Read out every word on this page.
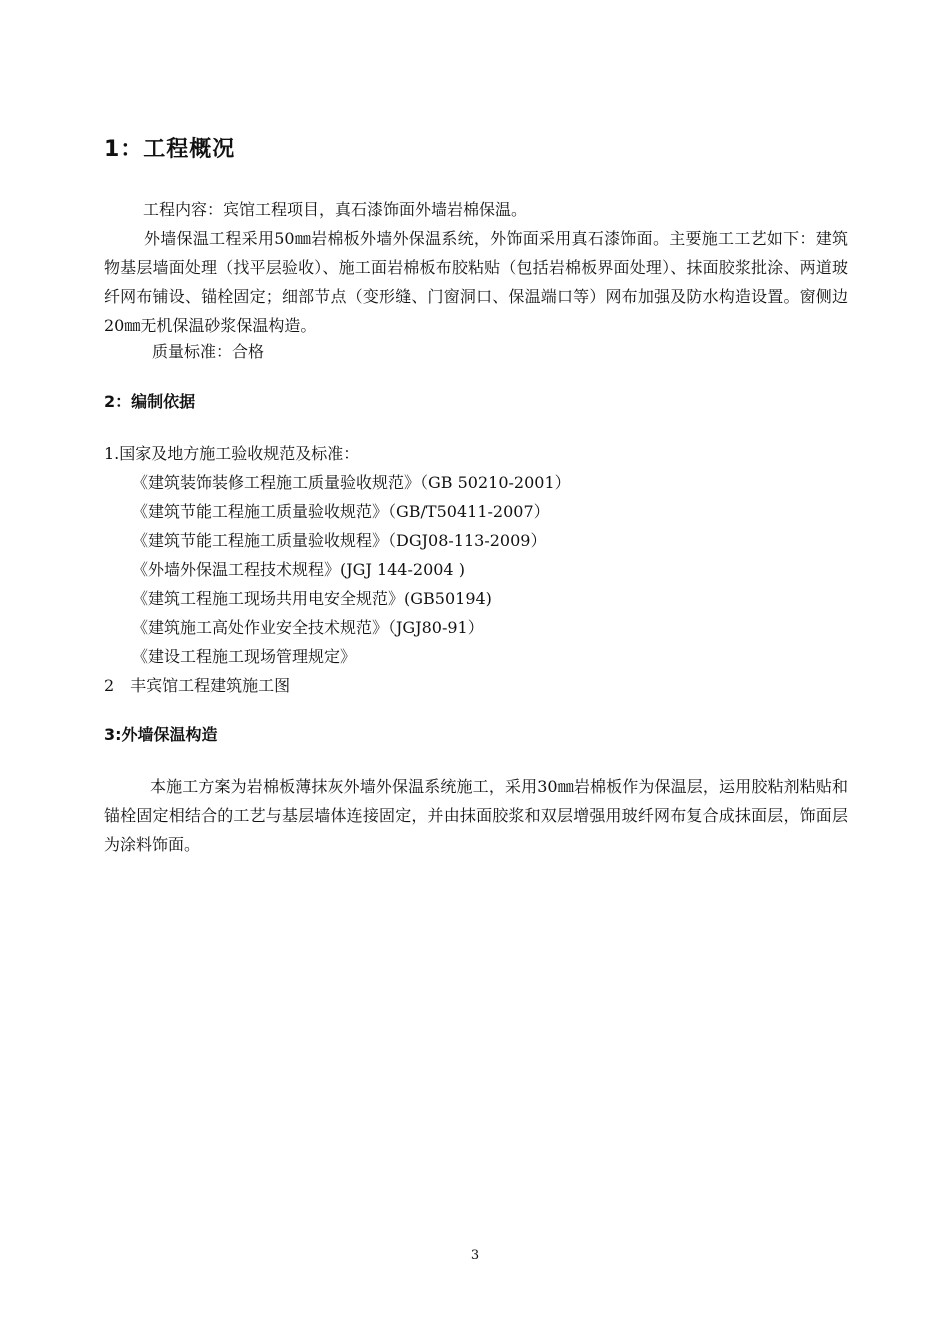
1：工程概况

工程内容：宾馆工程项目，真石漆饰面外墙岩棉保温。

外墙保温工程采用50㎜岩棉板外墙外保温系统，外饰面采用真石漆饰面。主要施工工艺如下：建筑物基层墙面处理（找平层验收）、施工面岩棉板布胶粘贴（包括岩棉板界面处理）、抹面胶浆批涂、两道玻纤网布铺设、锚栓固定；细部节点（变形缝、门窗洞口、保温端口等）网布加强及防水构造设置。窗侧边20㎜无机保温砂浆保温构造。

质量标准：合格

2：编制依据

1.国家及地方施工验收规范及标准：

《建筑装饰装修工程施工质量验收规范》（GB 50210-2001）

《建筑节能工程施工质量验收规范》（GB/T50411-2007）

《建筑节能工程施工质量验收规程》（DGJ08-113-2009）

《外墙外保温工程技术规程》(JGJ 144-2004 )

《建筑工程施工现场共用电安全规范》(GB50194)

《建筑施工高处作业安全技术规范》（JGJ80-91）

《建设工程施工现场管理规定》

2　丰宾馆工程建筑施工图

3:外墙保温构造

本施工方案为岩棉板薄抹灰外墙外保温系统施工，采用30㎜岩棉板作为保温层，运用胶粘剂粘贴和锚栓固定相结合的工艺与基层墙体连接固定，并由抹面胶浆和双层增强用玻纤网布复合成抹面层，饰面层为涂料饰面。

3
